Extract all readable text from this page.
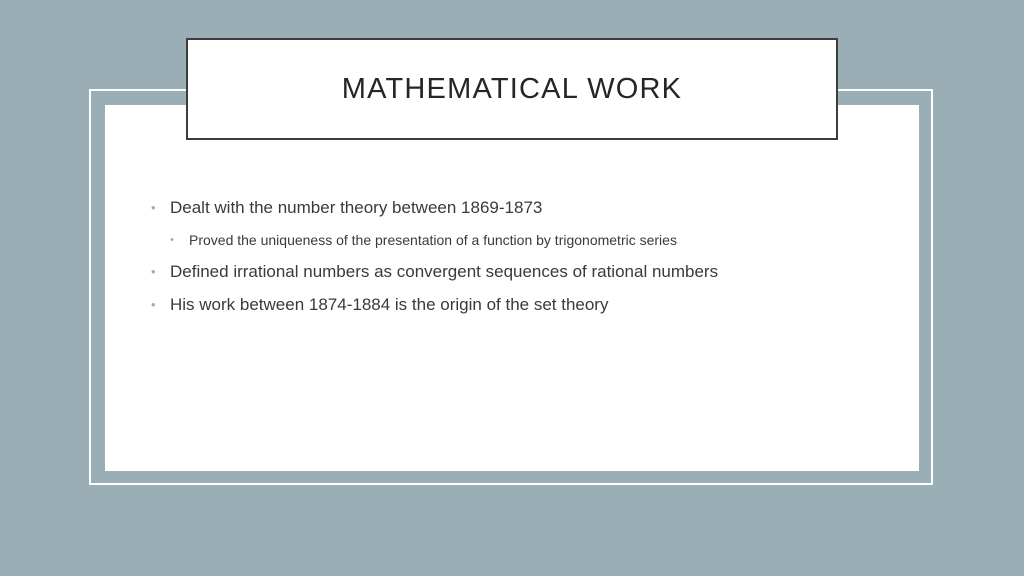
MATHEMATICAL WORK
• Dealt with the number theory between 1869-1873
• Proved the uniqueness of the presentation of a function by trigonometric series
• Defined irrational numbers as convergent sequences of rational numbers
• His work between 1874-1884 is the origin of the set theory
